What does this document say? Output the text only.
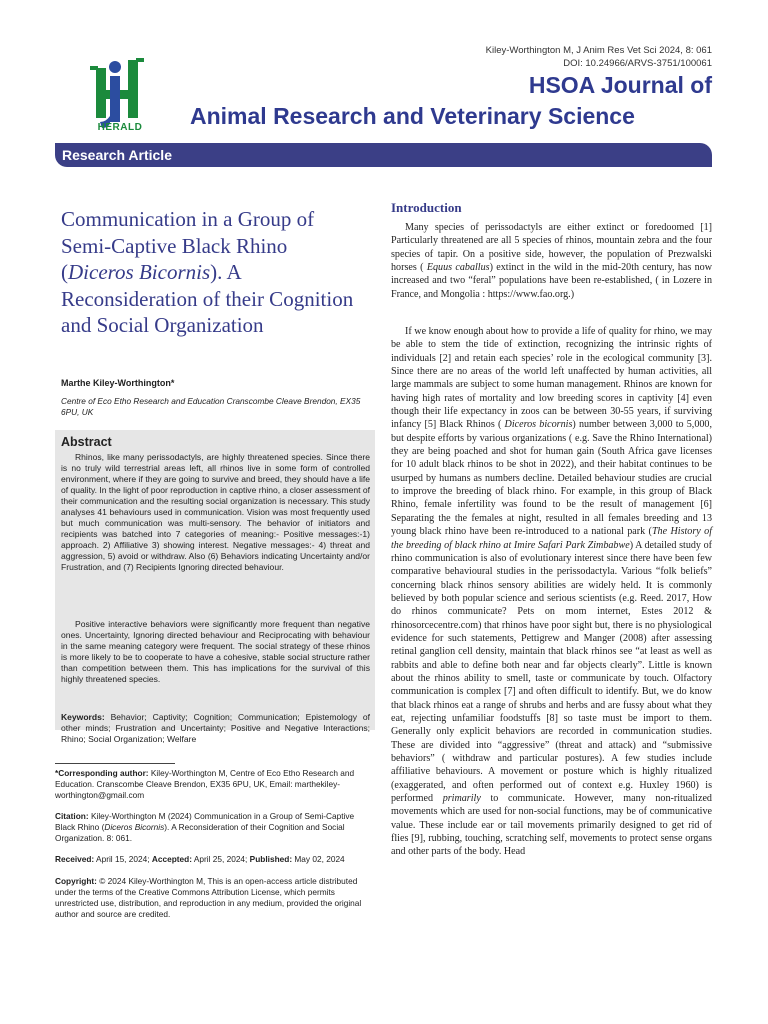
HERALD
Kiley-Worthington M, J Anim Res Vet Sci 2024, 8: 061
DOI: 10.24966/ARVS-3751/100061
HSOA Journal of
Animal Research and Veterinary Science
Research Article
Communication in a Group of Semi-Captive Black Rhino (Diceros Bicornis). A Reconsideration of their Cognition and Social Organization
Marthe Kiley-Worthington*
Centre of Eco Etho Research and Education Cranscombe Cleave Brendon, EX35 6PU, UK
Abstract
Rhinos, like many perissodactyls, are highly threatened species. Since there is no truly wild terrestrial areas left, all rhinos live in some form of controlled environment, where if they are going to survive and breed, they should have a life of quality. In the light of poor reproduction in captive rhino, a closer assessment of their communication and the resulting social organization is necessary. This study analyses 41 behaviours used in communication. Vision was most frequently used but much communication was multi-sensory. The behavior of initiators and recipients was batched into 7 categories of meaning:- Positive messages:-1) approach. 2) Affiliative 3) showing interest. Negative messages:- 4) threat and aggression, 5) avoid or withdraw. Also (6) Behaviors indicating Uncertainty and/or Frustration, and (7) Recipients Ignoring directed behaviour.
Positive interactive behaviors were significantly more frequent than negative ones. Uncertainty, Ignoring directed behaviour and Reciprocating with behaviour in the same meaning category were frequent. The social strategy of these rhinos is more likely to be to cooperate to have a cohesive, stable social structure rather than competition between them. This has implications for the survival of this highly threatened species.
Keywords: Behavior; Captivity; Cognition; Communication; Epistemology of other minds; Frustration and Uncertainty; Positive and Negative Interactions; Rhino; Social Organization; Welfare
*Corresponding author: Kiley-Worthington M, Centre of Eco Etho Research and Education. Cranscombe Cleave Brendon, EX35 6PU, UK, Email: marthekiley-worthington@gmail.com
Citation: Kiley-Worthington M (2024) Communication in a Group of Semi-Captive Black Rhino (Diceros Bicornis). A Reconsideration of their Cognition and Social Organization. 8: 061.
Received: April 15, 2024; Accepted: April 25, 2024; Published: May 02, 2024
Copyright: © 2024 Kiley-Worthington M, This is an open-access article distributed under the terms of the Creative Commons Attribution License, which permits unrestricted use, distribution, and reproduction in any medium, provided the original author and source are credited.
Introduction
Many species of perissodactyls are either extinct or foredoomed [1] Particularly threatened are all 5 species of rhinos, mountain zebra and the four species of tapir. On a positive side, however, the population of Prezwalski horses ( Equus caballus) extinct in the wild in the mid-20th century, has now increased and two “feral” populations have been re-established, ( in Lozere in France, and Mongolia : https://www.fao.org.)
If we know enough about how to provide a life of quality for rhino, we may be able to stem the tide of extinction, recognizing the intrinsic rights of individuals [2] and retain each species’ role in the ecological community [3]. Since there are no areas of the world left unaffected by human activities, all large mammals are subject to some human management. Rhinos are known for having high rates of mortality and low breeding scores in captivity [4] even though their life expectancy in zoos can be between 30-55 years, if surviving infancy [5] Black Rhinos ( Diceros bicornis) number between 3,000 to 5,000, but despite efforts by various organizations ( e.g. Save the Rhino International) they are being poached and shot for human gain (South Africa gave licenses for 10 adult black rhinos to be shot in 2022), and their habitat continues to be usurped by humans as numbers decline. Detailed behaviour studies are crucial to improve the breeding of black rhino. For example, in this group of Black Rhino, female infertility was found to be the result of management [6] Separating the the females at night, resulted in all females breeding and 13 young black rhino have been re-introduced to a national park (The History of the breeding of black rhino at Imire Safari Park Zimbabwe) A detailed study of rhino communication is also of evolutionary interest since there have been few comparative behavioural studies in the perissodactyla. Various “folk beliefs” concerning black rhinos sensory abilities are widely held. It is commonly believed by both popular science and serious scientists (e.g. Reed. 2017, How do rhinos communicate? Pets on mom internet, Estes 2012 & rhinosorcecentre.com) that rhinos have poor sight but, there is no physiological evidence for such statements, Pettigrew and Manger (2008) after assessing retinal ganglion cell density, maintain that black rhinos see “at least as well as rabbits and able to define both near and far objects clearly”. Little is known about the rhinos ability to smell, taste or communicate by touch. Olfactory communication is complex [7] and often difficult to identify. But, we do know that black rhinos eat a range of shrubs and herbs and are fussy about what they eat, rejecting unfamiliar foodstuffs [8] so taste must be import to them. Generally only explicit behaviors are recorded in communication studies. These are divided into “aggressive” (threat and attack) and “submissive behaviors” ( withdraw and particular postures). A few studies include affiliative behaviours. A movement or posture which is highly ritualized (exaggerated, and often performed out of context e.g. Huxley 1960) is performed primarily to communicate. However, many non-ritualized movements which are used for non-social functions, may be of communicative value. These include ear or tail movements primarily designed to get rid of flies [9], rubbing, touching, scratching self, movements to protect sense organs and other parts of the body. Head
